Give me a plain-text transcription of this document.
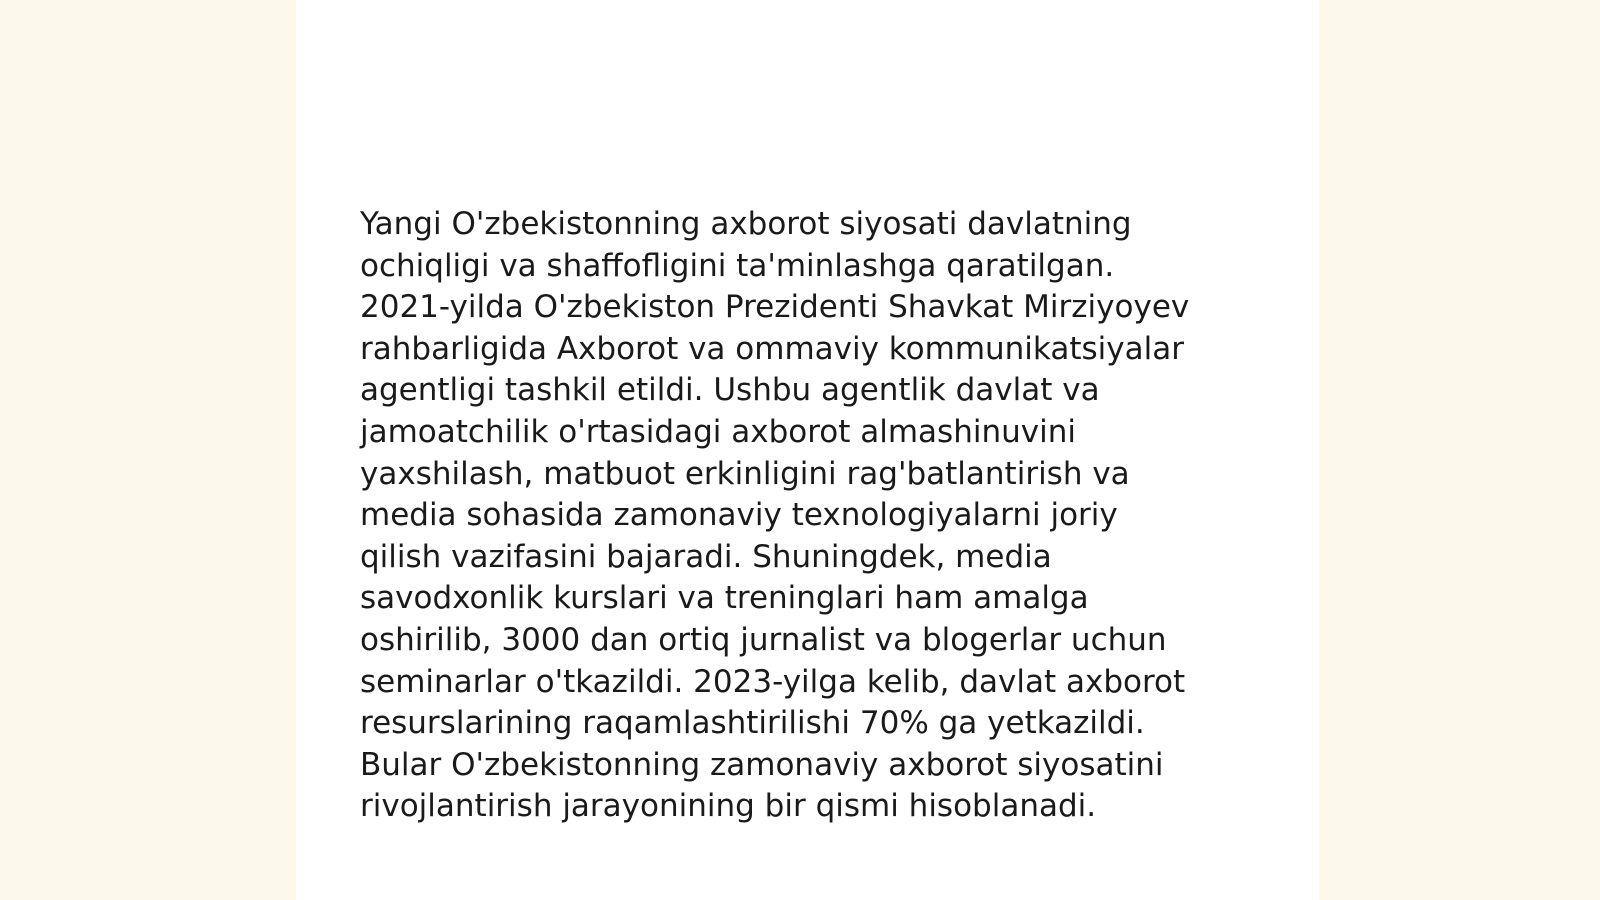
Yangi O'zbekistonning axborot siyosati davlatning
ochiqligi va shaffofligini ta'minlashga qaratilgan.
2021-yilda O'zbekiston Prezidenti Shavkat Mirziyoyev
rahbarligida Axborot va ommaviy kommunikatsiyalar
agentligi tashkil etildi. Ushbu agentlik davlat va
jamoatchilik o'rtasidagi axborot almashinuvini
yaxshilash, matbuot erkinligini rag'batlantirish va
media sohasida zamonaviy texnologiyalarni joriy
qilish vazifasini bajaradi. Shuningdek, media
savodxonlik kurslari va treninglari ham amalga
oshirilib, 3000 dan ortiq jurnalist va blogerlar uchun
seminarlar o'tkazildi. 2023-yilga kelib, davlat axborot
resurslarining raqamlashtirilishi 70% ga yetkazildi.
Bular O'zbekistonning zamonaviy axborot siyosatini
rivojlantirish jarayonining bir qismi hisoblanadi.
